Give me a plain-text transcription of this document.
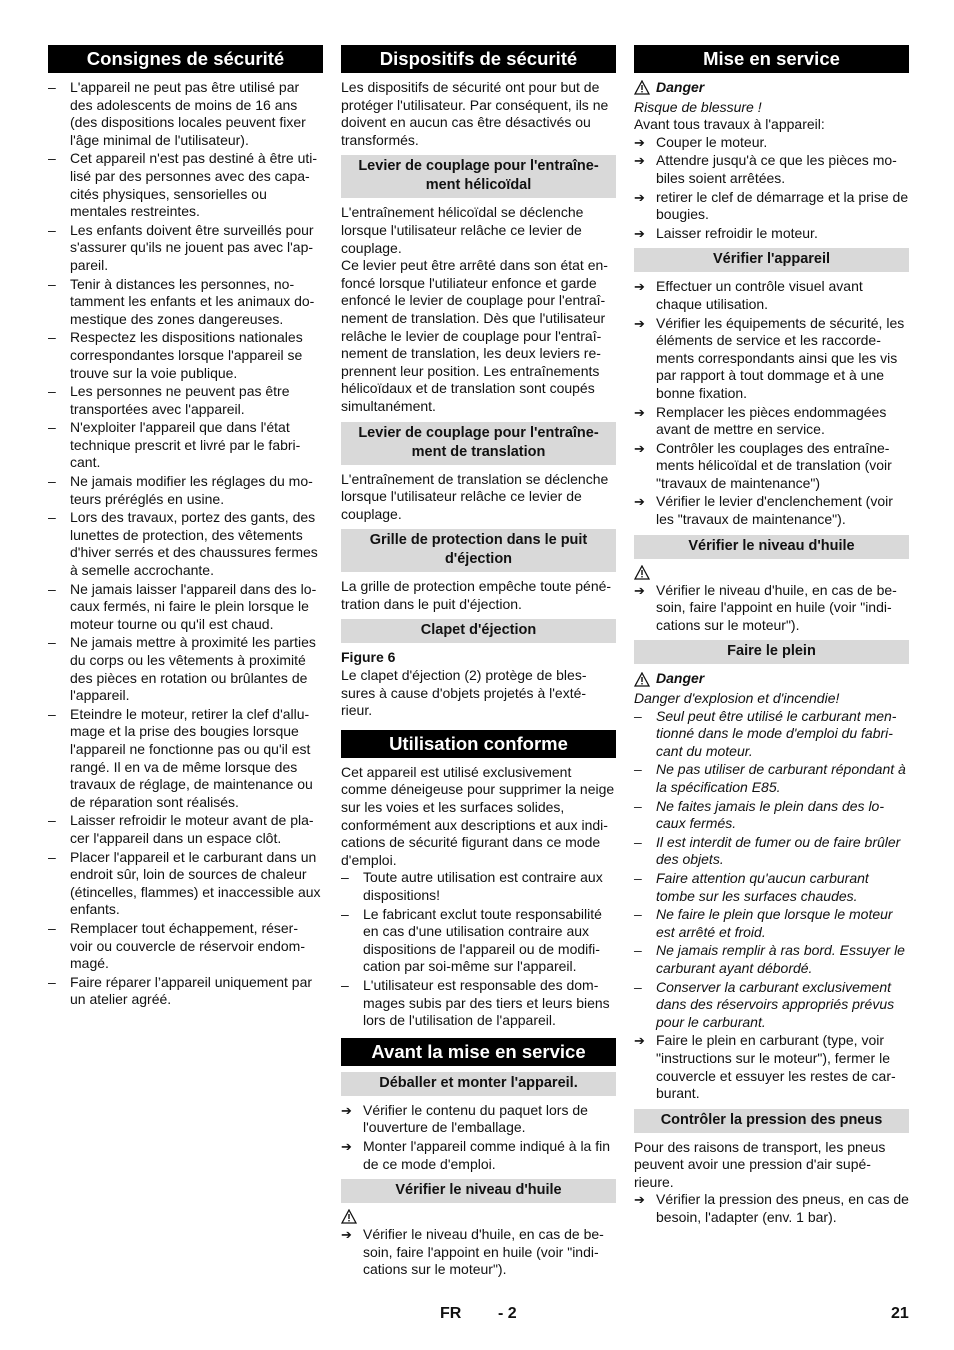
Consignes de sécurité
–	L'appareil ne peut pas être utilisé par des adolescents de moins de 16 ans (des dispositions locales peuvent fixer l'âge minimal de l'utilisateur).
–	Cet appareil n'est pas destiné à être uti- lisé par des personnes avec des capa- cités physiques, sensorielles ou mentales restreintes.
–	Les enfants doivent être surveillés pour s'assurer qu'ils ne jouent pas avec l'ap- pareil.
–	Tenir à distances les personnes, no- tamment les enfants et les animaux do- mestique des zones dangereuses.
–	Respectez les dispositions nationales correspondantes lorsque l'appareil se trouve sur la voie publique.
–	Les personnes ne peuvent pas être transportées avec l'appareil.
–	N'exploiter l'appareil que dans l'état technique prescrit et livré par le fabri- cant.
–	Ne jamais modifier les réglages du mo- teurs préréglés en usine.
–	Lors des travaux, portez des gants, des lunettes de protection, des vêtements d'hiver serrés et des chaussures fermes à semelle accrochante.
–	Ne jamais laisser l'appareil dans des lo- caux fermés, ni faire le plein lorsque le moteur tourne ou qu'il est chaud.
–	Ne jamais mettre à proximité les parties du corps ou les vêtements à proximité des pièces en rotation ou brûlantes de l'appareil.
–	Eteindre le moteur, retirer la clef d'allu- mage et la prise des bougies lorsque l'appareil ne fonctionne pas ou qu'il est rangé. Il en va de même lorsque des travaux de réglage, de maintenance ou de réparation sont réalisés.
–	Laisser refroidir le moteur avant de pla- cer l'appareil dans un espace clôt.
–	Placer l'appareil et le carburant dans un endroit sûr, loin de sources de chaleur (étincelles, flammes) et inaccessible aux enfants.
–	Remplacer tout échappement, réser- voir ou couvercle de réservoir endom- magé.
–	Faire réparer l’appareil uniquement par un atelier agréé.
Dispositifs de sécurité

Les dispositifs de sécurité ont pour but de protéger l'utilisateur. Par conséquent, ils ne doivent en aucun cas être désactivés ou transformés.

Levier de couplage pour l'entraîne- ment hélicoïdal

L'entraînement hélicoïdal se déclenche lorsque l'utilisateur relâche ce levier de couplage.

Ce levier peut être arrêté dans son état en- foncé lorsque l'utiliateur enfonce et garde enfoncé le levier de couplage pour l'entraî- nement de translation. Dès que l'utilisateur relâche le levier de couplage pour l'entraî- nement de translation, les deux leviers re- prennent leur position. Les entraînements hélicoïdaux et de translation sont coupés simultanément.

Levier de couplage pour l'entraîne- ment de translation

L'entraînement de translation se déclenche lorsque l'utilisateur relâche ce levier de couplage.

Grille de protection dans le puit d'éjection

La grille de protection empêche toute péné- tration dans le puit d'éjection.

Clapet d'éjection

Figure 6

Le clapet d'éjection (2) protège de bles- sures à cause d'objets projetés à l'exté- rieur.

Utilisation conforme

Cet appareil est utilisé exclusivement comme déneigeuse pour supprimer la neige sur les voies et les surfaces solides, conformément aux descriptions et aux indi- cations de sécurité figurant dans ce mode d'emploi.

–	Toute autre utilisation est contraire aux dispositions!
–	Le fabricant exclut toute responsabilité en cas d'une utilisation contraire aux dispositions de l'appareil ou de modifi- cation par soi-même sur l'appareil.
–	L'utilisateur est responsable des dom- mages subis par des tiers et leurs biens lors de l'utilisation de l'appareil.
Avant la mise en service
Déballer et monter l'appareil.
➔ Vérifier le contenu du paquet lors de l'ouverture de l'emballage.
➔ Monter l'appareil comme indiqué à la fin de ce mode d'emploi.
Vérifier le niveau d'huile
➔ Vérifier le niveau d'huile, en cas de be- soin, faire l'appoint en huile (voir "indi- cations sur le moteur").
Mise en service
Danger

Risque de blessure !

Avant tous travaux à l'appareil:

➔ Couper le moteur.
➔ Attendre jusqu'à ce que les pièces mo- biles soient arrêtées.
➔ retirer le clef de démarrage et la prise de bougies.
➔ Laisser refroidir le moteur.
Vérifier l'appareil
➔ Effectuer un contrôle visuel avant chaque utilisation.
➔ Vérifier les équipements de sécurité, les éléments de service et les raccorde- ments correspondants ainsi que les vis par rapport à tout dommage et à une bonne fixation.
➔ Remplacer les pièces endommagées avant de mettre en service.
➔ Contrôler les couplages des entraîne- ments hélicoïdal et de translation (voir "travaux de maintenance")
➔ Vérifier le levier d'enclenchement (voir les "travaux de maintenance").
Vérifier le niveau d'huile
➔ Vérifier le niveau d'huile, en cas de be- soin, faire l'appoint en huile (voir "indi- cations sur le moteur").
Faire le plein
Danger

Danger d'explosion et d'incendie!

–	Seul peut être utilisé le carburant men- tionné dans le mode d'emploi du fabri- cant du moteur.
–	Ne pas utiliser de carburant répondant à la spécification E85.
–	Ne faites jamais le plein dans des lo- caux fermés.
–	Il est interdit de fumer ou de faire brûler des objets.
–	Faire attention qu'aucun carburant tombe sur les surfaces chaudes.
–	Ne faire le plein que lorsque le moteur est arrêté et froid.
–	Ne jamais remplir à ras bord. Essuyer le carburant ayant débordé.
–	Conserver la carburant exclusivement dans des réservoirs appropriés prévus pour le carburant.
➔ Faire le plein en carburant (type, voir "instructions sur le moteur"), fermer le couvercle et essuyer les restes de car- burant.
Contrôler la pression des pneus

Pour des raisons de transport, les pneus peuvent avoir une pression d'air supé- rieure.

➔ Vérifier la pression des pneus, en cas de besoin, l'adapter (env. 1 bar).
FR - 2	21
